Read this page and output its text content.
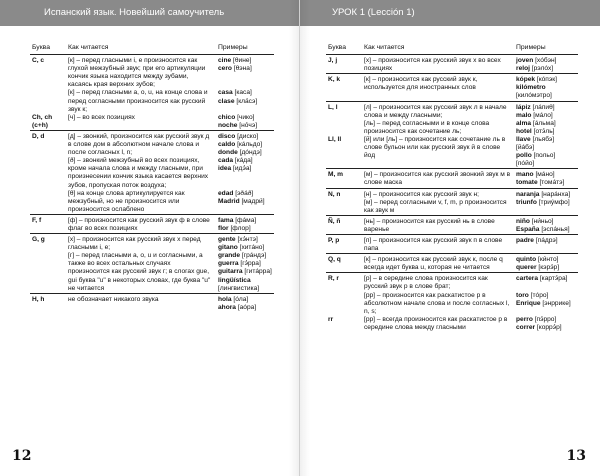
Испанский язык. Новейший самоучитель
Буква	Как читается	Примеры
C, c	[к] – перед гласными i, e произносится как глухой межзубный звук; при его артикуляции кончик языка находится между зубами, касаясь края верхних зубов;	cine [θине]
cero [θэна]

	[к] – перед гласными a, o, u, на конце слова и перед согласными произносится как русский звук к;	casa [каса]
clase [кла́сэ]

Ch, ch (c+h)	[ч] – во всех позициях	chico [чико]
noche [но́чэ]

D, d	[д] – звонкий, произносится как русский звук д в слове дом в абсолютном начале слова и после согласных l, n;	disco [диско]
caldo [кáльдо]
donde [дóндэ]

	[ð] – звонкий межзубный во всех позициях, кроме начала слова и между гласными, при произнесении кончик языка касается верхних зубов, пропуская поток воздуха;	cada [кáда]
idea [идэ́а]

	[θ] на конце слова артикулируется как межзубный, но не произносится или произносится ослаблено	edad [эðáð]
Madrid [мадри́]

F, f	[ф] – произносится как русский звук ф в слове флаг во всех позициях	fama [фáма]
flor [флор]

G, g	[х] – произносится как русский звук х перед гласными i, e;	gente [хэ́нтэ]
gitano [хитáно]

	[г] – перед гласными a, o, u и согласными, а также во всех остальных случаях произносится как русский звук г; в слогах gue, gui буква "u" в некоторых словах, где буква "u" не читается	grande [грáндэ]
guerra [гэ́рра]
guitarra [гитáрра]
lingüística [лингвистика]

H, h	не обозначает никакого звука	hola [óла]
ahora [аóра]
12
УРОК 1 (Lección 1)
Буква	Как читается	Примеры
J, j	[х] – произносится как русский звук х во всех позициях	joven [хóбэн]
reloj [рэлóх]

K, k	[к] – произносится как русский звук к, используется для иностранных слов	kópek [кóпэк]
kilómetro [килóмэтро]

L, l	[л] – произносится как русский звук л в начале слова и между гласными;	lápiz [лáпиθ]
malo [мáло]

	[ль] – перед согласными и в конце слова произносится как сочетание ль;	alma [áльма]
hotel [отэ́ль]

Ll, ll	[й] или [ль] – произносится как сочетание ль в слове бульон или как русский звук й в слове йод	llave [льябэ]
[йáбэ]
pollo [польо]
[пóйо]

M, m	[м] – произносится как русский звонкий звук м в слове маска	mano [мáно]
tomate [томáтэ]

N, n	[н] – произносится как русский звук н;	naranja [нарáнха]

	[м] – перед согласными v, f, m, p произносится как звук м	triunfo [триýмфо]

Ñ, ñ	[нь] – произносится как русский нь в слове варенье	niño [ни́ньо]
España [эспáнья]

P, p	[п] – произносится как русский звук п в слове папа	padre [пáдрэ]

Q, q	[к] – произносится как русский звук к, после q всегда идет буква u, которая не читается	quinto [ки́нто]
querer [кэрэ́р]

R, r	[р] – в середине слова произносится как русский звук р в слове брат;	cartera [картэ́ра]

	[рр] – произносится как раскатистое р в абсолютном начале слова и после согласных l, n, s;	toro [тóро]
Enrique [энррике]

rr	[рр] – всегда произносится как раскатистое р в середине слова между гласными	perro [пэ́рро]
correr [коррэ́р]
13
